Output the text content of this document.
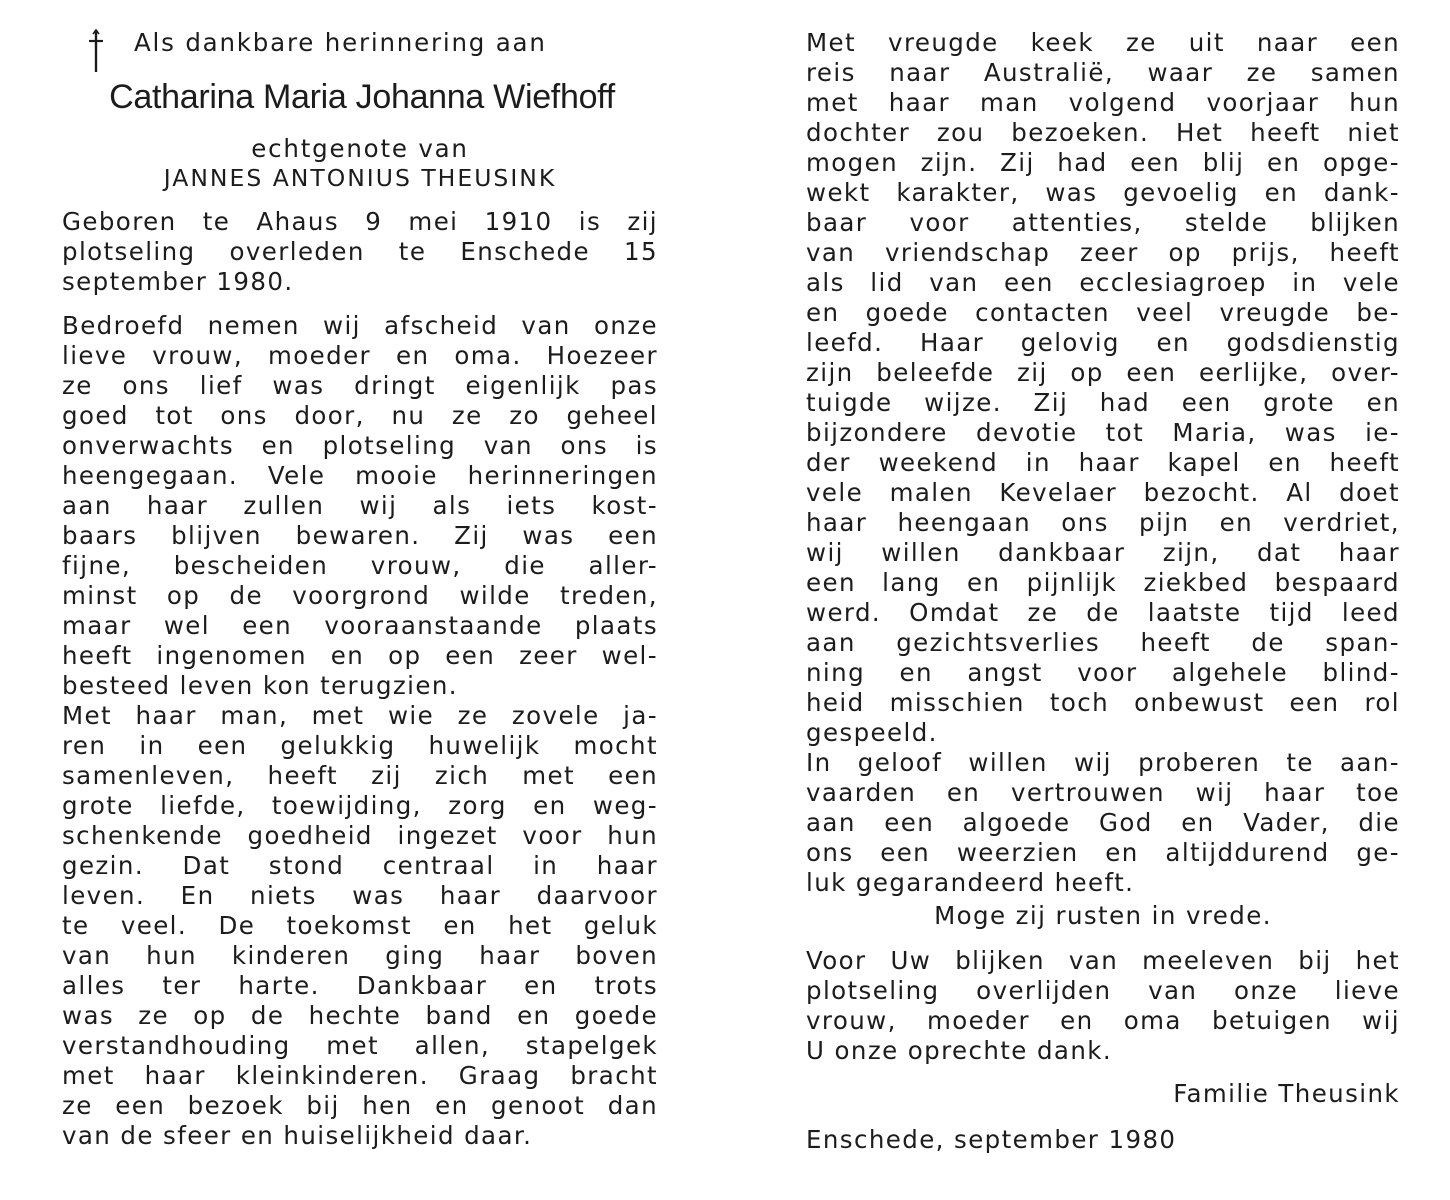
Als dankbare herinnering aan
Catharina Maria Johanna Wiefhoff
echtgenote van
JANNES ANTONIUS THEUSINK
Geboren te Ahaus 9 mei 1910 is zij
plotseling overleden te Enschede 15
september 1980.
Bedroefd nemen wij afscheid van onze
lieve vrouw, moeder en oma. Hoezeer
ze ons lief was dringt eigenlijk pas
goed tot ons door, nu ze zo geheel
onverwachts en plotseling van ons is
heengegaan. Vele mooie herinneringen
aan haar zullen wij als iets kost-
baars blijven bewaren. Zij was een
fijne, bescheiden vrouw, die aller-
minst op de voorgrond wilde treden,
maar wel een vooraanstaande plaats
heeft ingenomen en op een zeer wel-
besteed leven kon terugzien.
Met haar man, met wie ze zovele ja-
ren in een gelukkig huwelijk mocht
samenleven, heeft zij zich met een
grote liefde, toewijding, zorg en weg-
schenkende goedheid ingezet voor hun
gezin. Dat stond centraal in haar
leven. En niets was haar daarvoor
te veel. De toekomst en het geluk
van hun kinderen ging haar boven
alles ter harte. Dankbaar en trots
was ze op de hechte band en goede
verstandhouding met allen, stapelgek
met haar kleinkinderen. Graag bracht
ze een bezoek bij hen en genoot dan
van de sfeer en huiselijkheid daar.
Met vreugde keek ze uit naar een
reis naar Australië, waar ze samen
met haar man volgend voorjaar hun
dochter zou bezoeken. Het heeft niet
mogen zijn. Zij had een blij en opge-
wekt karakter, was gevoelig en dank-
baar voor attenties, stelde blijken
van vriendschap zeer op prijs, heeft
als lid van een ecclesiagroep in vele
en goede contacten veel vreugde be-
leefd. Haar gelovig en godsdienstig
zijn beleefde zij op een eerlijke, over-
tuigde wijze. Zij had een grote en
bijzondere devotie tot Maria, was ie-
der weekend in haar kapel en heeft
vele malen Kevelaer bezocht. Al doet
haar heengaan ons pijn en verdriet,
wij willen dankbaar zijn, dat haar
een lang en pijnlijk ziekbed bespaard
werd. Omdat ze de laatste tijd leed
aan gezichtsverlies heeft de span-
ning en angst voor algehele blind-
heid misschien toch onbewust een rol
gespeeld.
In geloof willen wij proberen te aan-
vaarden en vertrouwen wij haar toe
aan een algoede God en Vader, die
ons een weerzien en altijddurend ge-
luk gegarandeerd heeft.
Moge zij rusten in vrede.
Voor Uw blijken van meeleven bij het
plotseling overlijden van onze lieve
vrouw, moeder en oma betuigen wij
U onze oprechte dank.
Familie Theusink
Enschede, september 1980
